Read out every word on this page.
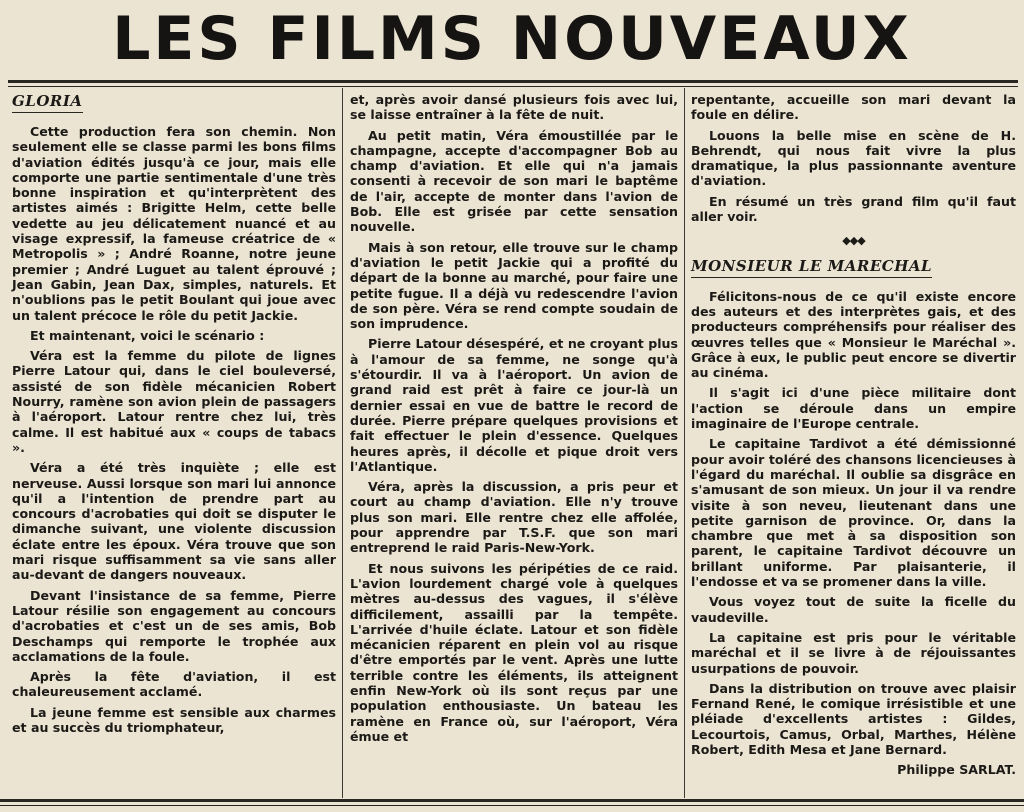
LES FILMS NOUVEAUX
GLORIA

Cette production fera son chemin. Non seulement elle se classe parmi les bons films d'aviation édités jusqu'à ce jour, mais elle comporte une partie sentimentale d'une très bonne inspiration et qu'interprètent des artistes aimés : Brigitte Helm, cette belle vedette au jeu délicatement nuancé et au visage expressif, la fameuse créatrice de « Metropolis » ; André Roanne, notre jeune premier ; André Luguet au talent éprouvé ; Jean Gabin, Jean Dax, simples, naturels. Et n'oublions pas le petit Boulant qui joue avec un talent précoce le rôle du petit Jackie.

Et maintenant, voici le scénario :

Véra est la femme du pilote de lignes Pierre Latour qui, dans le ciel bouleversé, assisté de son fidèle mécanicien Robert Nourry, ramène son avion plein de passagers à l'aéroport. Latour rentre chez lui, très calme. Il est habitué aux « coups de tabacs ».

Véra a été très inquiète ; elle est nerveuse. Aussi lorsque son mari lui annonce qu'il a l'intention de prendre part au concours d'acrobaties qui doit se disputer le dimanche suivant, une violente discussion éclate entre les époux. Véra trouve que son mari risque suffisamment sa vie sans aller au-devant de dangers nouveaux.

Devant l'insistance de sa femme, Pierre Latour résilie son engagement au concours d'acrobaties et c'est un de ses amis, Bob Deschamps qui remporte le trophée aux acclamations de la foule.

Après la fête d'aviation, il est chaleureusement acclamé.

La jeune femme est sensible aux charmes et au succès du triomphateur,

et, après avoir dansé plusieurs fois avec lui, se laisse entraîner à la fête de nuit.

Au petit matin, Véra émoustillée par le champagne, accepte d'accompagner Bob au champ d'aviation. Et elle qui n'a jamais consenti à recevoir de son mari le baptême de l'air, accepte de monter dans l'avion de Bob. Elle est grisée par cette sensation nouvelle.

Mais à son retour, elle trouve sur le champ d'aviation le petit Jackie qui a profité du départ de la bonne au marché, pour faire une petite fugue. Il a déjà vu redescendre l'avion de son père. Véra se rend compte soudain de son imprudence.

Pierre Latour désespéré, et ne croyant plus à l'amour de sa femme, ne songe qu'à s'étourdir. Il va à l'aéroport. Un avion de grand raid est prêt à faire ce jour-là un dernier essai en vue de battre le record de durée. Pierre prépare quelques provisions et fait effectuer le plein d'essence. Quelques heures après, il décolle et pique droit vers l'Atlantique.

Véra, après la discussion, a pris peur et court au champ d'aviation. Elle n'y trouve plus son mari. Elle rentre chez elle affolée, pour apprendre par T.S.F. que son mari entreprend le raid Paris-New-York.

Et nous suivons les péripéties de ce raid. L'avion lourdement chargé vole à quelques mètres au-dessus des vagues, il s'élève difficilement, assailli par la tempête. L'arrivée d'huile éclate. Latour et son fidèle mécanicien réparent en plein vol au risque d'être emportés par le vent. Après une lutte terrible contre les éléments, ils atteignent enfin New-York où ils sont reçus par une population enthousiaste. Un bateau les ramène en France où, sur l'aéroport, Véra émue et

repentante, accueille son mari devant la foule en délire.

Louons la belle mise en scène de H. Behrendt, qui nous fait vivre la plus dramatique, la plus passionnante aventure d'aviation.

En résumé un très grand film qu'il faut aller voir.

◆◆◆
MONSIEUR LE MARECHAL

Félicitons-nous de ce qu'il existe encore des auteurs et des interprètes gais, et des producteurs compréhensifs pour réaliser des œuvres telles que « Monsieur le Maréchal ». Grâce à eux, le public peut encore se divertir au cinéma.

Il s'agit ici d'une pièce militaire dont l'action se déroule dans un empire imaginaire de l'Europe centrale.

Le capitaine Tardivot a été démissionné pour avoir toléré des chansons licencieuses à l'égard du maréchal. Il oublie sa disgrâce en s'amusant de son mieux. Un jour il va rendre visite à son neveu, lieutenant dans une petite garnison de province. Or, dans la chambre que met à sa disposition son parent, le capitaine Tardivot découvre un brillant uniforme. Par plaisanterie, il l'endosse et va se promener dans la ville.

Vous voyez tout de suite la ficelle du vaudeville.

La capitaine est pris pour le véritable maréchal et il se livre à de réjouissantes usurpations de pouvoir.

Dans la distribution on trouve avec plaisir Fernand René, le comique irrésistible et une pléiade d'excellents artistes : Gildes, Lecourtois, Camus, Orbal, Marthes, Hélène Robert, Edith Mesa et Jane Bernard.

Philippe SARLAT.
